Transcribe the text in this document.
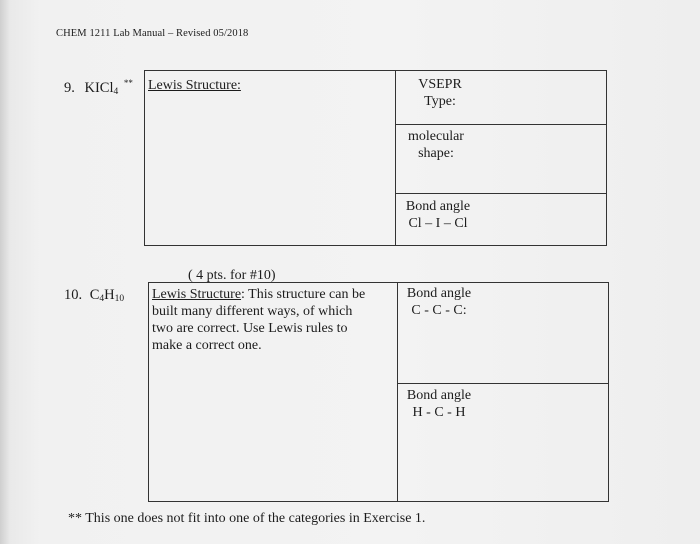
CHEM 1211 Lab Manual – Revised 05/2018
9. KICl$_4$ ** Lewis Structure:	VSEPR
Type:
molecular
shape:
Bond angle
Cl – I – Cl
( 4 pts. for #10)
10. $C_4H_{10}$ Lewis Structure: This structure can be
built many different ways, of which
two are correct. Use Lewis rules to
make a correct one.
Bond angle
C - C - C:
Bond angle
H - C - H
** This one does not fit into one of the categories in Exercise 1.
